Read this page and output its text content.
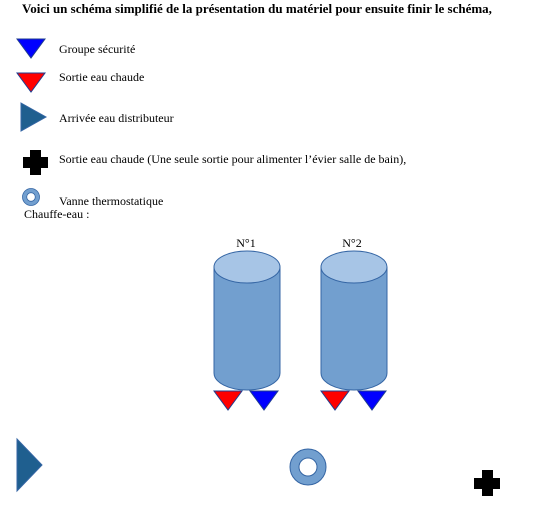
Voici un schéma simplifié de la présentation du matériel pour ensuite finir le schéma,
Groupe sécurité
Sortie eau chaude
Arrivée eau distributeur
Sortie eau chaude (Une seule sortie pour alimenter l’évier salle de bain),
Vanne thermostatique
Chauffe-eau :
N°1	N°2
